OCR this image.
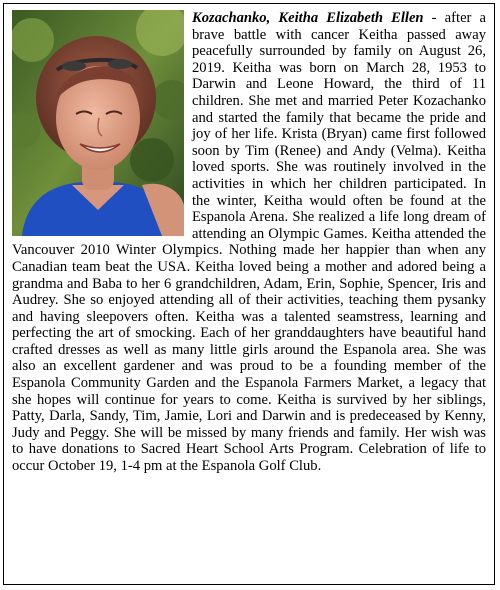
Kozachanko, Keitha Elizabeth Ellen - after a brave battle with cancer Keitha passed away peacefully surrounded by family on August 26, 2019. Keitha was born on March 28, 1953 to Darwin and Leone Howard, the third of 11 children. She met and married Peter Kozachanko and started the family that became the pride and joy of her life. Krista (Bryan) came first followed soon by Tim (Renee) and Andy (Velma). Keitha loved sports. She was routinely involved in the activities in which her children participated. In the winter, Keitha would often be found at the Espanola Arena. She realized a life long dream of attending an Olympic Games. Keitha attended the Vancouver 2010 Winter Olympics. Nothing made her happier than when any Canadian team beat the USA. Keitha loved being a mother and adored being a grandma and Baba to her 6 grandchildren, Adam, Erin, Sophie, Spencer, Iris and Audrey. She so enjoyed attending all of their activities, teaching them pysanky and having sleepovers often. Keitha was a talented seamstress, learning and perfecting the art of smocking. Each of her granddaughters have beautiful hand crafted dresses as well as many little girls around the Espanola area. She was also an excellent gardener and was proud to be a founding member of the Espanola Community Garden and the Espanola Farmers Market, a legacy that she hopes will continue for years to come. Keitha is survived by her siblings, Patty, Darla, Sandy, Tim, Jamie, Lori and Darwin and is predeceased by Kenny, Judy and Peggy. She will be missed by many friends and family. Her wish was to have donations to Sacred Heart School Arts Program. Celebration of life to occur October 19, 1-4 pm at the Espanola Golf Club.
